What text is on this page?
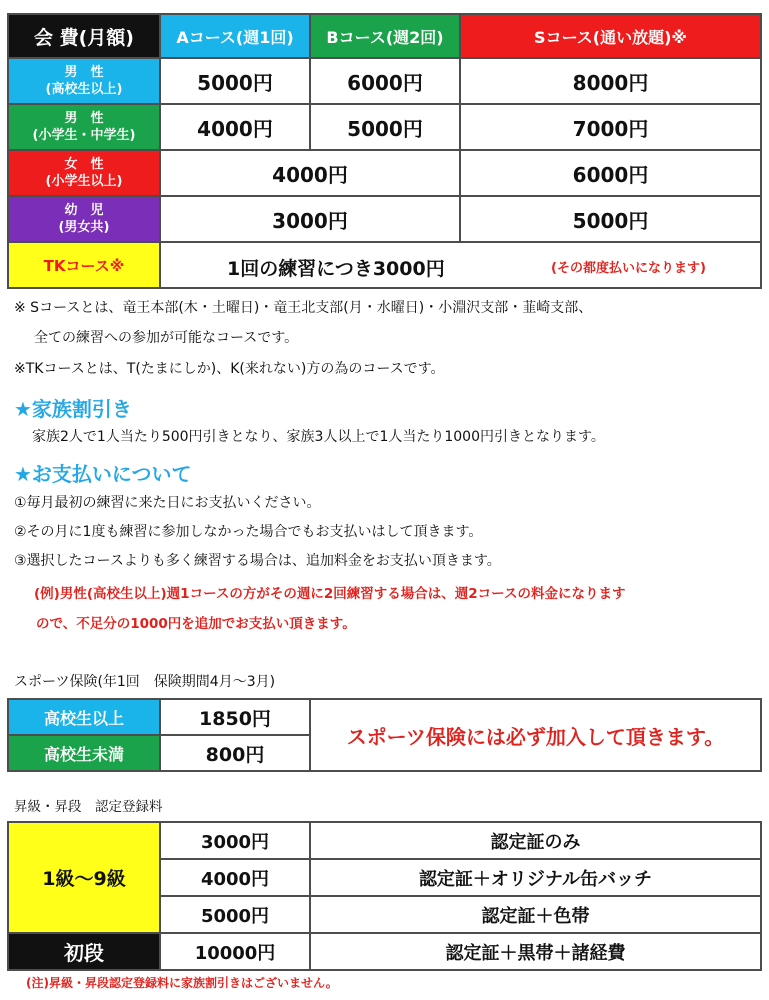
会 費(月額)	Aコース(週1回)	Bコース(週2回)	Sコース(通い放題)※

男　性
(高校生以上)	5000円	6000円	8000円

男　性
(小学生・中学生)	4000円	5000円	7000円

女　性
(小学生以上)	4000円		6000円

幼　児
(男女共)	3000円		5000円
TKコース※	1回の練習につき3000円 (その都度払いになります)		
※ Sコースとは、竜王本部(木・土曜日)・竜王北支部(月・水曜日)・小淵沢支部・韮崎支部、
全ての練習への参加が可能なコースです。
※TKコースとは、T(たまにしか)、K(来れない)方の為のコースです。
★家族割引き
家族2人で1人当たり500円引きとなり、家族3人以上で1人当たり1000円引きとなります。
★お支払いについて
①毎月最初の練習に来た日にお支払いください。
②その月に1度も練習に参加しなかった場合でもお支払いはして頂きます。
③選択したコースよりも多く練習する場合は、追加料金をお支払い頂きます。
(例)男性(高校生以上)週1コースの方がその週に2回練習する場合は、週2コースの料金になります
ので、不足分の1000円を追加でお支払い頂きます。
スポーツ保険(年1回　保険期間4月～3月)
高校生以上	1850円	スポーツ保険には必ず加入して頂きます。
高校生未満	800円	
昇級・昇段　認定登録料
1級～9級	3000円	認定証のみ
	4000円	認定証＋オリジナル缶バッチ
	5000円	認定証＋色帯
初段	10000円	認定証＋黒帯＋諸経費
(注)昇級・昇段認定登録料に家族割引きはございません。
